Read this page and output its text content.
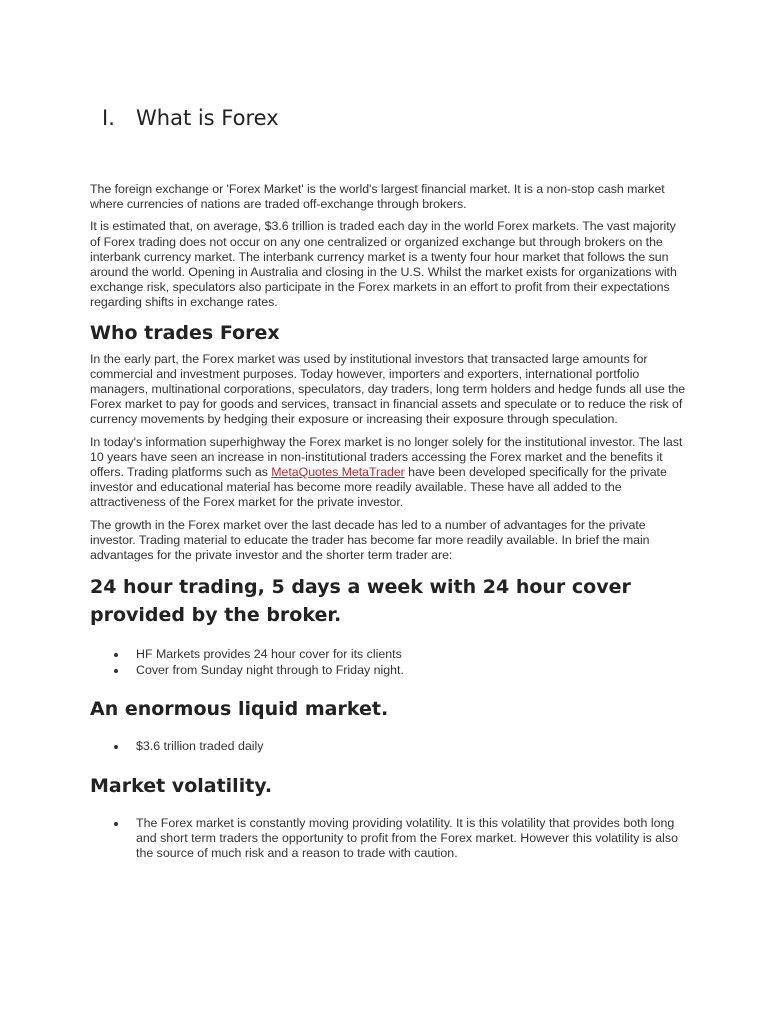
I. What is Forex

The foreign exchange or 'Forex Market' is the world's largest financial market. It is a non-stop cash market where currencies of nations are traded off-exchange through brokers.

It is estimated that, on average, $3.6 trillion is traded each day in the world Forex markets. The vast majority of Forex trading does not occur on any one centralized or organized exchange but through brokers on the interbank currency market. The interbank currency market is a twenty four hour market that follows the sun around the world. Opening in Australia and closing in the U.S. Whilst the market exists for organizations with exchange risk, speculators also participate in the Forex markets in an effort to profit from their expectations regarding shifts in exchange rates.

Who trades Forex

In the early part, the Forex market was used by institutional investors that transacted large amounts for commercial and investment purposes. Today however, importers and exporters, international portfolio managers, multinational corporations, speculators, day traders, long term holders and hedge funds all use the Forex market to pay for goods and services, transact in financial assets and speculate or to reduce the risk of currency movements by hedging their exposure or increasing their exposure through speculation.

In today's information superhighway the Forex market is no longer solely for the institutional investor. The last 10 years have seen an increase in non-institutional traders accessing the Forex market and the benefits it offers. Trading platforms such as MetaQuotes MetaTrader have been developed specifically for the private investor and educational material has become more readily available. These have all added to the attractiveness of the Forex market for the private investor.

The growth in the Forex market over the last decade has led to a number of advantages for the private investor. Trading material to educate the trader has become far more readily available. In brief the main advantages for the private investor and the shorter term trader are:

24 hour trading, 5 days a week with 24 hour cover provided by the broker.
HF Markets provides 24 hour cover for its clients
Cover from Sunday night through to Friday night.
An enormous liquid market.
$3.6 trillion traded daily
Market volatility.
The Forex market is constantly moving providing volatility. It is this volatility that provides both long and short term traders the opportunity to profit from the Forex market. However this volatility is also the source of much risk and a reason to trade with caution.
